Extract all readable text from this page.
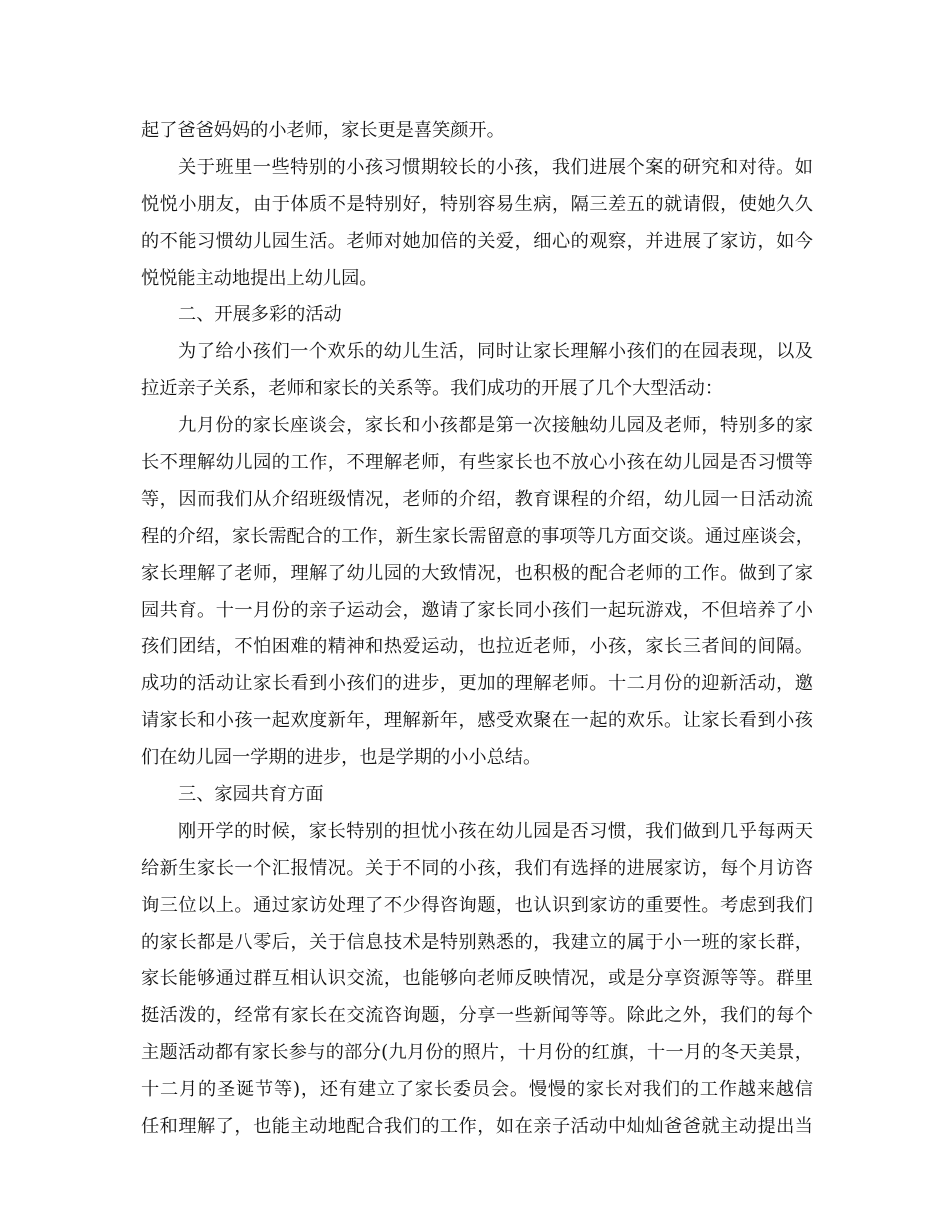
起了爸爸妈妈的小老师，家长更是喜笑颜开。
关于班里一些特别的小孩习惯期较长的小孩，我们进展个案的研究和对待。如
悦悦小朋友，由于体质不是特别好，特别容易生病，隔三差五的就请假，使她久久
的不能习惯幼儿园生活。老师对她加倍的关爱，细心的观察，并进展了家访，如今
悦悦能主动地提出上幼儿园。
二、开展多彩的活动
为了给小孩们一个欢乐的幼儿生活，同时让家长理解小孩们的在园表现，以及
拉近亲子关系，老师和家长的关系等。我们成功的开展了几个大型活动：
九月份的家长座谈会，家长和小孩都是第一次接触幼儿园及老师，特别多的家
长不理解幼儿园的工作，不理解老师，有些家长也不放心小孩在幼儿园是否习惯等
等，因而我们从介绍班级情况，老师的介绍，教育课程的介绍，幼儿园一日活动流
程的介绍，家长需配合的工作，新生家长需留意的事项等几方面交谈。通过座谈会，
家长理解了老师，理解了幼儿园的大致情况，也积极的配合老师的工作。做到了家
园共育。十一月份的亲子运动会，邀请了家长同小孩们一起玩游戏，不但培养了小
孩们团结，不怕困难的精神和热爱运动，也拉近老师，小孩，家长三者间的间隔。
成功的活动让家长看到小孩们的进步，更加的理解老师。十二月份的迎新活动，邀
请家长和小孩一起欢度新年，理解新年，感受欢聚在一起的欢乐。让家长看到小孩
们在幼儿园一学期的进步，也是学期的小小总结。
三、家园共育方面
刚开学的时候，家长特别的担忧小孩在幼儿园是否习惯，我们做到几乎每两天
给新生家长一个汇报情况。关于不同的小孩，我们有选择的进展家访，每个月访咨
询三位以上。通过家访处理了不少得咨询题，也认识到家访的重要性。考虑到我们
的家长都是八零后，关于信息技术是特别熟悉的，我建立的属于小一班的家长群，
家长能够通过群互相认识交流，也能够向老师反映情况，或是分享资源等等。群里
挺活泼的，经常有家长在交流咨询题，分享一些新闻等等。除此之外，我们的每个
主题活动都有家长参与的部分(九月份的照片，十月份的红旗，十一月的冬天美景，
十二月的圣诞节等)，还有建立了家长委员会。慢慢的家长对我们的工作越来越信
任和理解了，也能主动地配合我们的工作，如在亲子活动中灿灿爸爸就主动提出当
